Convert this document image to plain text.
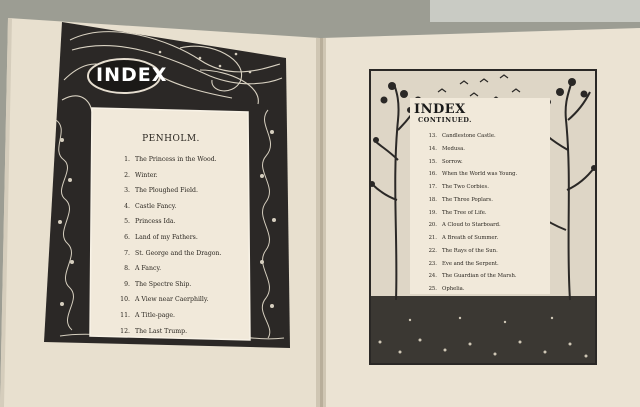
INDEX
PENHOLM.
1. The Princess in the Wood.
2. Winter.
3. The Ploughed Field.
4. Castle Fancy.
5. Princess Ida.
6. Land of my Fathers.
7. St. George and the Dragon.
8. A Fancy.
9. The Spectre Ship.
10. A View near Caerphilly.
11. A Title-page.
12. The Last Trump.
INDEX
CONTINUED.
13. Candlestone Castle.
14. Medusa.
15. Sorrow.
16. When the World was Young.
17. The Two Corbies.
18. The Three Poplars.
19. The Tree of Life.
20. A Cloud to Starboard.
21. A Breath of Summer.
22. The Rays of the Sun.
23. Eve and the Serpent.
24. The Guardian of the Marsh.
25. Ophelia.
